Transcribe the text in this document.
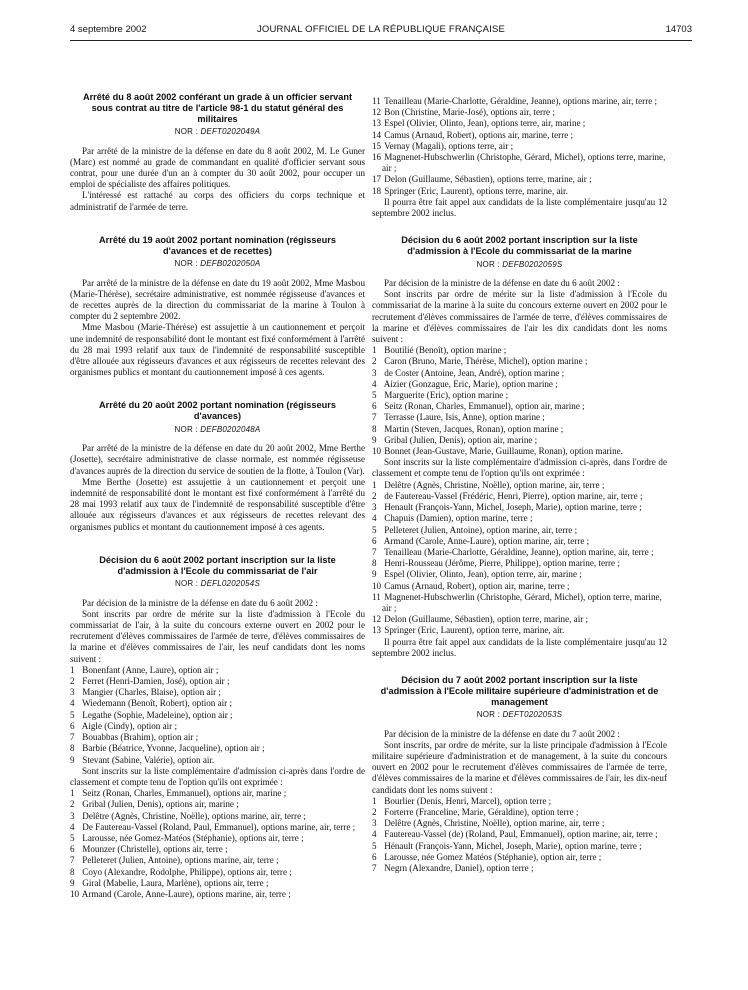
4 septembre 2002	JOURNAL OFFICIEL DE LA RÉPUBLIQUE FRANÇAISE	14703
Arrêté du 8 août 2002 conférant un grade à un officier servant sous contrat au titre de l'article 98-1 du statut général des militaires
NOR : DEFT0202049A

Par arrêté de la ministre de la défense en date du 8 août 2002, M. Le Guner (Marc) est nommé au grade de commandant en qualité d'officier servant sous contrat, pour une durée d'un an à compter du 30 août 2002, pour occuper un emploi de spécialiste des affaires politiques.

L'intéressé est rattaché au corps des officiers du corps technique et administratif de l'armée de terre.

Arrêté du 19 août 2002 portant nomination (régisseurs d'avances et de recettes)
NOR : DEFB0202050A

Par arrêté de la ministre de la défense en date du 19 août 2002, Mme Masbou (Marie-Thérèse), secrétaire administrative, est nommée régisseuse d'avances et de recettes auprès de la direction du commissariat de la marine à Toulon à compter du 2 septembre 2002.

Mme Masbou (Marie-Thérèse) est assujettie à un cautionnement et perçoit une indemnité de responsabilité dont le montant est fixé conformément à l'arrêté du 28 mai 1993 relatif aux taux de l'indemnité de responsabilité susceptible d'être allouée aux régisseurs d'avances et aux régisseurs de recettes relevant des organismes publics et montant du cautionnement imposé à ces agents.

Arrêté du 20 août 2002 portant nomination (régisseurs d'avances)
NOR : DEFB0202048A

Par arrêté de la ministre de la défense en date du 20 août 2002, Mme Berthe (Josette), secrétaire administrative de classe normale, est nommée régisseuse d'avances auprès de la direction du service de soutien de la flotte, à Toulon (Var).

Mme Berthe (Josette) est assujettie à un cautionnement et perçoit une indemnité de responsabilité dont le montant est fixé conformément à l'arrêté du 28 mai 1993 relatif aux taux de l'indemnité de responsabilité susceptible d'être allouée aux régisseurs d'avances et aux régisseurs de recettes relevant des organismes publics et montant du cautionnement imposé à ces agents.

Décision du 6 août 2002 portant inscription sur la liste d'admission à l'Ecole du commissariat de l'air
NOR : DEFL0202054S

Par décision de la ministre de la défense en date du 6 août 2002 :

Sont inscrits par ordre de mérite sur la liste d'admission à l'Ecole du commissariat de l'air, à la suite du concours externe ouvert en 2002 pour le recrutement d'élèves commissaires de l'armée de terre, d'élèves commissaires de la marine et d'élèves commissaires de l'air, les neuf candidats dont les noms suivent :

1 Bonenfant (Anne, Laure), option air ;
2 Ferret (Henri-Damien, José), option air ;
3 Mangier (Charles, Blaise), option air ;
4 Wiedemann (Benoît, Robert), option air ;
5 Legathe (Sophie, Madeleine), option air ;
6 Aigle (Cindy), option air ;
7 Bouabbas (Brahim), option air ;
8 Barbie (Béatrice, Yvonne, Jacqueline), option air ;
9 Stevant (Sabine, Valérie), option air.

Sont inscrits sur la liste complémentaire d'admission ci-après dans l'ordre de classement et compte tenu de l'option qu'ils ont exprimée :

1 Seitz (Ronan, Charles, Emmanuel), options air, marine ;
2 Gribal (Julien, Denis), options air, marine ;
3 Delêtre (Agnès, Christine, Noëlle), options marine, air, terre ;
4 De Fautereau-Vassel (Roland, Paul, Emmanuel), options marine, air, terre ;
5 Larousse, née Gomez-Matéos (Stéphanie), options air, terre ;
6 Mounzer (Christelle), options air, terre ;
7 Pelleteret (Julien, Antoine), options marine, air, terre ;
8 Coyo (Alexandre, Rodolphe, Philippe), options air, terre ;
9 Giral (Mabelie, Laura, Marlène), options air, terre ;
10 Armand (Carole, Anne-Laure), options marine, air, terre ;
11 Tenailleau (Marie-Charlotte, Géraldine, Jeanne), options marine, air, terre ;
12 Bon (Christine, Marie-José), options air, terre ;
13 Espel (Olivier, Olinto, Jean), options terre, air, marine ;
14 Camus (Arnaud, Robert), options air, marine, terre ;
15 Vernay (Magali), options terre, air ;
16 Magnenet-Hubschwerlin (Christophe, Gérard, Michel), options terre, marine, air ;
17 Delon (Guillaume, Sébastien), options terre, marine, air ;
18 Springer (Eric, Laurent), options terre, marine, air.

Il pourra être fait appel aux candidats de la liste complémentaire jusqu'au 12 septembre 2002 inclus.

Décision du 6 août 2002 portant inscription sur la liste d'admission à l'Ecole du commissariat de la marine
NOR : DEFB0202059S

Par décision de la ministre de la défense en date du 6 août 2002 :

Sont inscrits par ordre de mérite sur la liste d'admission à l'Ecole du commissariat de la marine à la suite du concours externe ouvert en 2002 pour le recrutement d'élèves commissaires de l'armée de terre, d'élèves commissaires de la marine et d'élèves commissaires de l'air les dix candidats dont les noms suivent :

1 Boutilié (Benoît), option marine ;
2 Caron (Bruno, Marie, Thérèse, Michel), option marine ;
3 de Coster (Antoine, Jean, André), option marine ;
4 Aizier (Gonzague, Eric, Marie), option marine ;
5 Marguerite (Eric), option marine ;
6 Seitz (Ronan, Charles, Emmanuel), option air, marine ;
7 Terrasse (Laure, Isis, Anne), option marine ;
8 Martin (Steven, Jacques, Ronan), option marine ;
9 Gribal (Julien, Denis), option air, marine ;
10 Bonnet (Jean-Gustave, Marie, Guillaume, Ronan), option marine.

Sont inscrits sur la liste complémentaire d'admission ci-après, dans l'ordre de classement et compte tenu de l'option qu'ils ont exprimée :

1 Delêtre (Agnès, Christine, Noëlle), option marine, air, terre ;
2 de Fautereau-Vassel (Frédéric, Henri, Pierre), option marine, air, terre ;
3 Henault (François-Yann, Michel, Joseph, Marie), option marine, terre ;
4 Chapuis (Damien), option marine, terre ;
5 Pelleteret (Julien, Antoine), option marine, air, terre ;
6 Armand (Carole, Anne-Laure), option marine, air, terre ;
7 Tenailleau (Marie-Charlotte, Géraldine, Jeanne), option marine, air, terre ;
8 Henri-Rousseau (Jérôme, Pierre, Philippe), option marine, terre ;
9 Espel (Olivier, Olinto, Jean), option terre, air, marine ;
10 Camus (Arnaud, Robert), option air, marine, terre ;
11 Magnenet-Hubschwerlin (Christophe, Gérard, Michel), option terre, marine, air ;
12 Delon (Guillaume, Sébastien), option terre, marine, air ;
13 Springer (Eric, Laurent), option terre, marine, air.

Il pourra être fait appel aux candidats de la liste complémentaire jusqu'au 12 septembre 2002 inclus.

Décision du 7 août 2002 portant inscription sur la liste d'admission à l'Ecole militaire supérieure d'administration et de management
NOR : DEFT0202053S

Par décision de la ministre de la défense en date du 7 août 2002 :

Sont inscrits, par ordre de mérite, sur la liste principale d'admission à l'Ecole militaire supérieure d'administration et de management, à la suite du concours ouvert en 2002 pour le recrutement d'élèves commissaires de l'armée de terre, d'élèves commissaires de la marine et d'élèves commissaires de l'air, les dix-neuf candidats dont les noms suivent :

1 Bourlier (Denis, Henri, Marcel), option terre ;
2 Forterre (Franceline, Marie, Géraldine), option terre ;
3 Delêtre (Agnès, Christine, Noëlle), option marine, air, terre ;
4 Fautereau-Vassel (de) (Roland, Paul, Emmanuel), option marine, air, terre ;
5 Hénault (François-Yann, Michel, Joseph, Marie), option marine, terre ;
6 Larousse, née Gomez Matéos (Stéphanie), option air, terre ;
7 Negrn (Alexandre, Daniel), option terre ;
